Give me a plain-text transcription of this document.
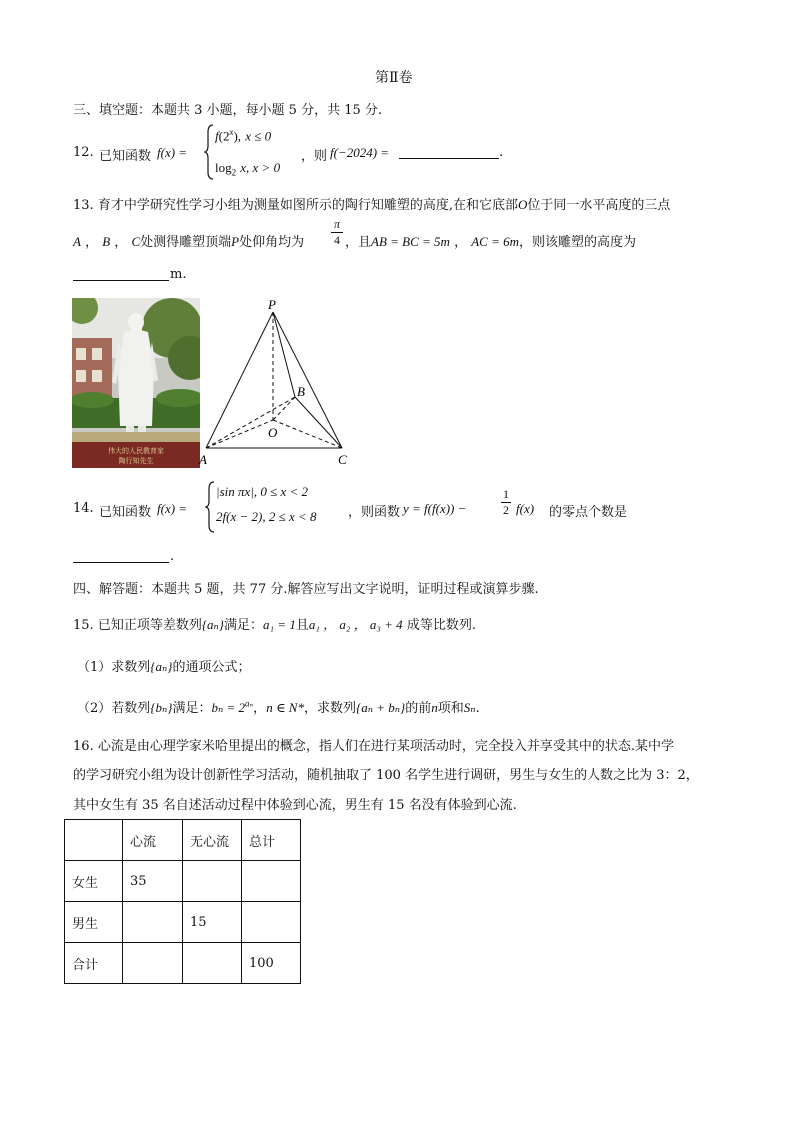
第Ⅱ卷
三、填空题：本题共 3 小题，每小题 5 分，共 15 分.
12. 已知函数 f(x) =
$f(2^x)$, x ≤ 0
$\log_2 x$, x > 0
，则 f(−2024) =	.
13. 育才中学研究性学习小组为测量如图所示的陶行知雕塑的高度,在和它底部O位于同一水平高度的三点
A ， B ， C处测得雕塑顶端P处仰角均为
π
4 ，且AB = BC = 5m ， AC = 6m，则该雕塑的高度为
m.
伟大的人民教育家
陶行知先生
P
A	C
B
O
14. 已知函数 f(x) =
|sin πx|, 0 ≤ x < 2
2f(x − 2), 2 ≤ x < 8 ，则函数 y = f(f(x)) −
1
2 f(x) 的零点个数是
.
四、解答题：本题共 5 题，共 77 分.解答应写出文字说明，证明过程或演算步骤.
15. 已知正项等差数列{aₙ}满足：a₁ = 1且a₁ ， a₂ ， a₃ + 4 成等比数列.
（1）求数列{aₙ}的通项公式；
（2）若数列{bₙ}满足：$b_n = 2^{a_n}$，n ∈ N*，求数列{aₙ + bₙ}的前n项和Sₙ.
16. 心流是由心理学家米哈里提出的概念，指人们在进行某项活动时，完全投入并享受其中的状态.某中学
的学习研究小组为设计创新性学习活动，随机抽取了 100 名学生进行调研，男生与女生的人数之比为 3：2，
其中女生有 35 名自述活动过程中体验到心流，男生有 15 名没有体验到心流.
	心流	无心流	总计
女生	35		
男生		15	
合计			100
